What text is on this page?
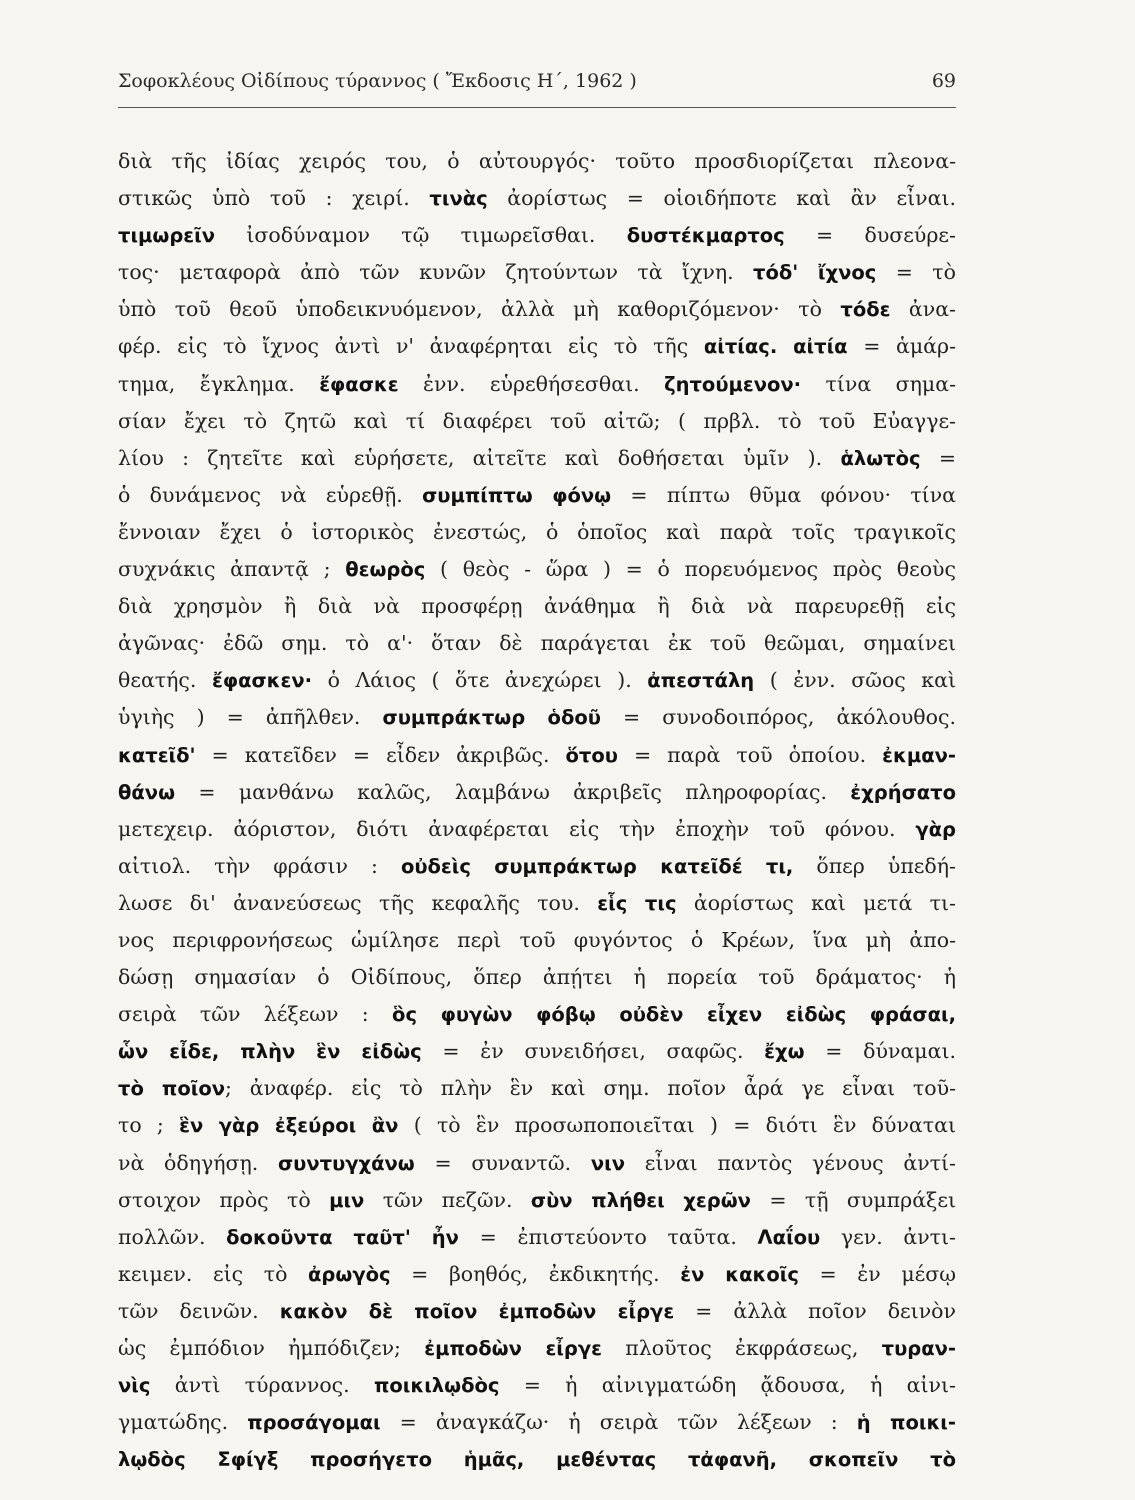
Σοφοκλέους Οἰδίπους τύραννος ( Ἔκδοσις Η΄, 1962 )	69
διὰ τῆς ἰδίας χειρός του, ὁ αὐτουργός· τοῦτο προσδιορίζεται πλεονα-
στικῶς ὑπὸ τοῦ : χειρί. τινὰς ἀορίστως = οἱοιδήποτε καὶ ἂν εἶναι.
τιμωρεῖν ἰσοδύναμον τῷ τιμωρεῖσθαι. δυστέκμαρτος = δυσεύρε-
τος· μεταφορὰ ἀπὸ τῶν κυνῶν ζητούντων τὰ ἴχνη. τόδ' ἴχνος = τὸ
ὑπὸ τοῦ θεοῦ ὑποδεικνυόμενον, ἀλλὰ μὴ καθοριζόμενον· τὸ τόδε ἀνα-
φέρ. εἰς τὸ ἴχνος ἀντὶ ν' ἀναφέρηται εἰς τὸ τῆς αἰτίας. αἰτία = ἁμάρ-
τημα, ἔγκλημα. ἔφασκε ἐνν. εὑρεθήσεσθαι. ζητούμενον· τίνα σημα-
σίαν ἔχει τὸ ζητῶ καὶ τί διαφέρει τοῦ αἰτῶ; ( πρβλ. τὸ τοῦ Εὐαγγε-
λίου : ζητεῖτε καὶ εὑρήσετε, αἰτεῖτε καὶ δοθήσεται ὑμῖν ). ἁλωτὸς =
ὁ δυνάμενος νὰ εὑρεθῇ. συμπίπτω φόνῳ = πίπτω θῦμα φόνου· τίνα
ἔννοιαν ἔχει ὁ ἱστορικὸς ἐνεστώς, ὁ ὁποῖος καὶ παρὰ τοῖς τραγικοῖς
συχνάκις ἀπαντᾷ ; θεωρὸς ( θεὸς - ὥρα ) = ὁ πορευόμενος πρὸς θεοὺς
διὰ χρησμὸν ἢ διὰ νὰ προσφέρῃ ἀνάθημα ἢ διὰ νὰ παρευρεθῇ εἰς
ἀγῶνας· ἐδῶ σημ. τὸ α'· ὅταν δὲ παράγεται ἐκ τοῦ θεῶμαι, σημαίνει
θεατής. ἔφασκεν· ὁ Λάιος ( ὅτε ἀνεχώρει ). ἀπεστάλη ( ἐνν. σῶος καὶ
ὑγιὴς ) = ἀπῆλθεν. συμπράκτωρ ὁδοῦ = συνοδοιπόρος, ἀκόλουθος.
κατεῖδ' = κατεῖδεν = εἶδεν ἀκριβῶς. ὅτου = παρὰ τοῦ ὁποίου. ἐκμαν-
θάνω = μανθάνω καλῶς, λαμβάνω ἀκριβεῖς πληροφορίας. ἐχρήσατο
μετεχειρ. ἀόριστον, διότι ἀναφέρεται εἰς τὴν ἐποχὴν τοῦ φόνου. γὰρ
αἰτιολ. τὴν φράσιν : οὐδεὶς συμπράκτωρ κατεῖδέ τι, ὅπερ ὑπεδή-
λωσε δι' ἀνανεύσεως τῆς κεφαλῆς του. εἷς τις ἀορίστως καὶ μετά τι-
νος περιφρονήσεως ὡμίλησε περὶ τοῦ φυγόντος ὁ Κρέων, ἵνα μὴ ἀπο-
δώσῃ σημασίαν ὁ Οἰδίπους, ὅπερ ἀπῄτει ἡ πορεία τοῦ δράματος· ἡ
σειρὰ τῶν λέξεων : ὃς φυγὼν φόβῳ οὐδὲν εἶχεν εἰδὼς φράσαι,
ὧν εἶδε, πλὴν ἓν εἰδὼς = ἐν συνειδήσει, σαφῶς. ἔχω = δύναμαι.
τὸ ποῖον; ἀναφέρ. εἰς τὸ πλὴν ἓν καὶ σημ. ποῖον ἆρά γε εἶναι τοῦ-
το ; ἓν γὰρ ἐξεύροι ἂν ( τὸ ἓν προσωποποιεῖται ) = διότι ἓν δύναται
νὰ ὁδηγήσῃ. συντυγχάνω = συναντῶ. νιν εἶναι παντὸς γένους ἀντί-
στοιχον πρὸς τὸ μιν τῶν πεζῶν. σὺν πλήθει χερῶν = τῇ συμπράξει
πολλῶν. δοκοῦντα ταῦτ' ἦν = ἐπιστεύοντο ταῦτα. Λαΐου γεν. ἀντι-
κειμεν. εἰς τὸ ἀρωγὸς = βοηθός, ἐκδικητής. ἐν κακοῖς = ἐν μέσῳ
τῶν δεινῶν. κακὸν δὲ ποῖον ἐμποδὼν εἶργε = ἀλλὰ ποῖον δεινὸν
ὡς ἐμπόδιον ἠμπόδιζεν; ἐμποδὼν εἶργε πλοῦτος ἐκφράσεως, τυραν-
νὶς ἀντὶ τύραννος. ποικιλῳδὸς = ἡ αἰνιγματώδη ᾄδουσα, ἡ αἰνι-
γματώδης. προσάγομαι = ἀναγκάζω· ἡ σειρὰ τῶν λέξεων : ἡ ποικι-
λῳδὸς Σφίγξ προσήγετο ἡμᾶς, μεθέντας τἀφανῆ, σκοπεῖν τὸ
